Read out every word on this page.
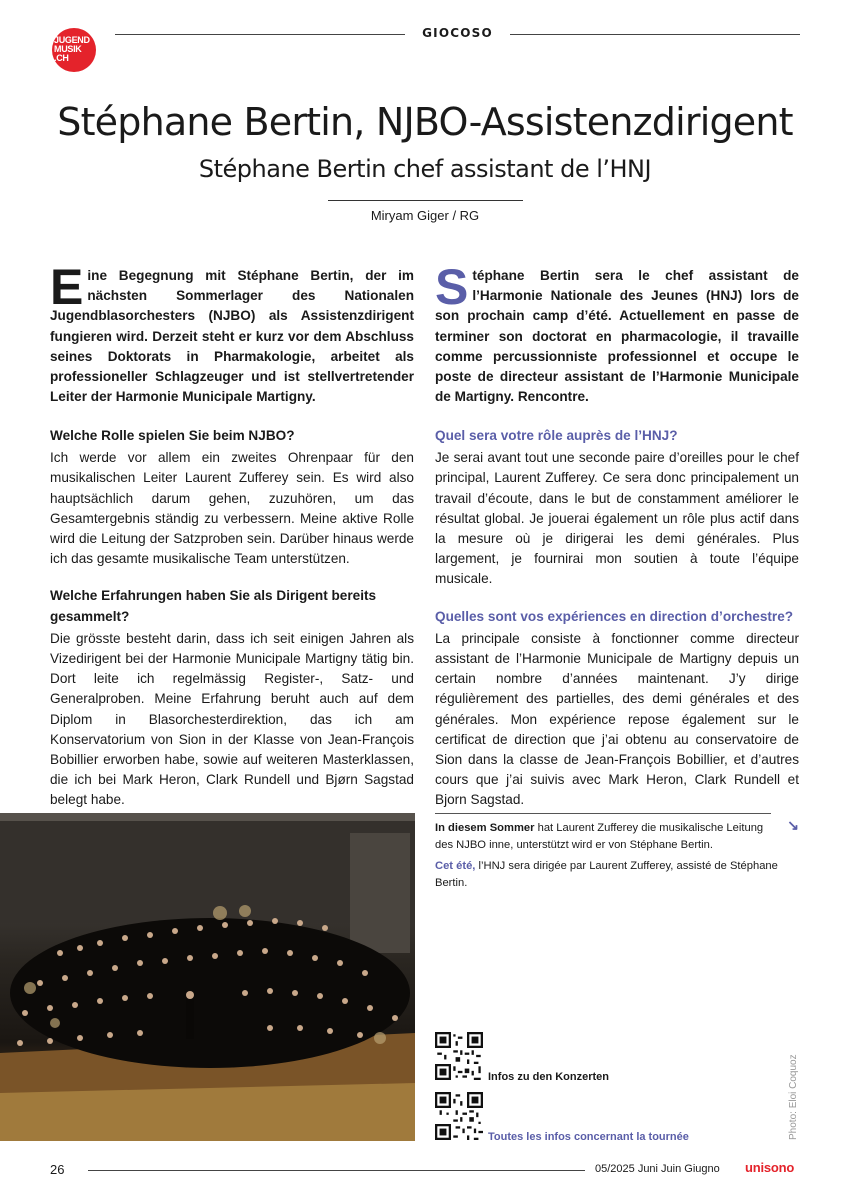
JUGEND
MUSIK
.CH
GIOCOSO
Stéphane Bertin, NJBO-Assistenzdirigent
Stéphane Bertin chef assistant de l’HNJ
Miryam Giger / RG

Eine Begegnung mit Stéphane Bertin, der im nächsten Sommerlager des Nationalen Jugendblasorchesters (NJBO) als Assistenzdirigent fungieren wird. Derzeit steht er kurz vor dem Abschluss seines Doktorats in Pharmakologie, arbeitet als professioneller Schlagzeuger und ist stellvertretender Leiter der Harmonie Municipale Martigny.

Welche Rolle spielen Sie beim NJBO?

Ich werde vor allem ein zweites Ohrenpaar für den musikalischen Leiter Laurent Zufferey sein. Es wird also hauptsächlich darum gehen, zuzuhören, um das Gesamtergebnis ständig zu verbessern. Meine aktive Rolle wird die Leitung der Satzproben sein. Darüber hinaus werde ich das gesamte musikalische Team unterstützen.

Welche Erfahrungen haben Sie als Dirigent bereits gesammelt?

Die grösste besteht darin, dass ich seit einigen Jahren als Vizedirigent bei der Harmonie Municipale Martigny tätig bin. Dort leite ich regelmässig Register-, Satz- und Generalproben. Meine Erfahrung beruht auch auf dem Diplom in Blasorchesterdirektion, das ich am Konservatorium von Sion in der Klasse von Jean-François Bobillier erworben habe, sowie auf weiteren Masterklassen, die ich bei Mark Heron, Clark Rundell und Bjørn Sagstad belegt habe.

Stéphane Bertin sera le chef assistant de l’Harmonie Nationale des Jeunes (HNJ) lors de son prochain camp d’été. Actuellement en passe de terminer son doctorat en pharmacologie, il travaille comme percussionniste professionnel et occupe le poste de directeur assistant de l’Harmonie Municipale de Martigny. Rencontre.

Quel sera votre rôle auprès de l’HNJ?

Je serai avant tout une seconde paire d’oreilles pour le chef principal, Laurent Zufferey. Ce sera donc principalement un travail d’écoute, dans le but de constamment améliorer le résultat global. Je jouerai également un rôle plus actif dans la mesure où je dirigerai les demi générales. Plus largement, je fournirai mon soutien à toute l’équipe musicale.

Quelles sont vos expériences en direction d’orchestre?

La principale consiste à fonctionner comme directeur assistant de l’Harmonie Municipale de Martigny depuis un certain nombre d’années maintenant. J’y dirige régulièrement des partielles, des demi générales et des générales. Mon expérience repose également sur le certificat de direction que j’ai obtenu au conservatoire de Sion dans la classe de Jean-François Bobillier, et d’autres cours que j’ai suivis avec Mark Heron, Clark Rundell et Bjorn Sagstad.

↘

In diesem Sommer hat Laurent Zufferey die musikalische Leitung des NJBO inne, unterstützt wird er von Stéphane Bertin.

Cet été, l’HNJ sera dirigée par Laurent Zufferey, assisté de Stéphane Bertin.

Infos zu den Konzerten
Toutes les infos concernant la tournée	Photo: Eloi Coquoz
26	05/2025 Juni Juin Giugno unisono
